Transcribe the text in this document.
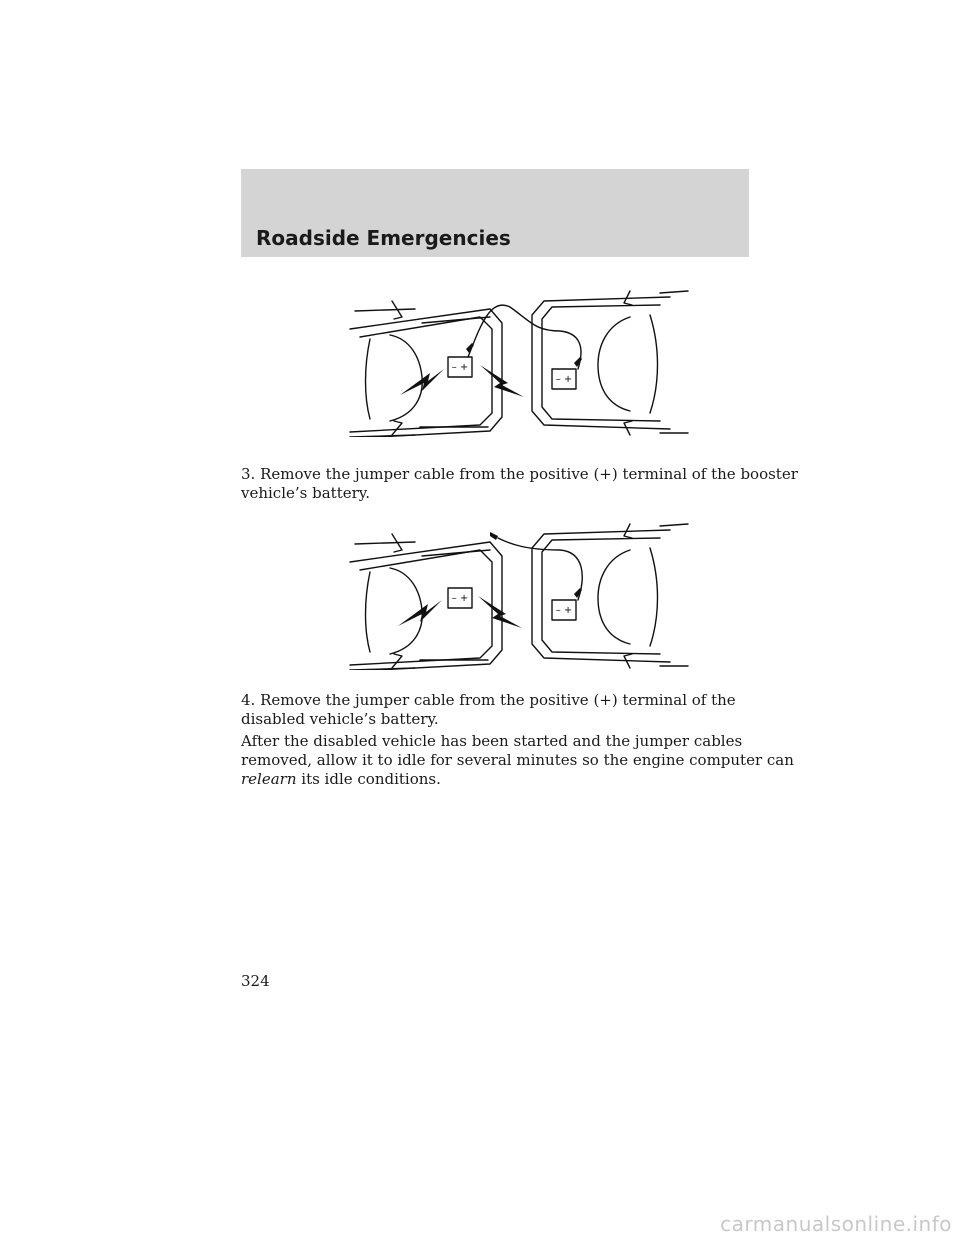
Roadside Emergencies
– +
– +
3. Remove the jumper cable from the positive (+) terminal of the booster
vehicle’s battery.
– +
– +
4. Remove the jumper cable from the positive (+) terminal of the
disabled vehicle’s battery.
After the disabled vehicle has been started and the jumper cables
removed, allow it to idle for several minutes so the engine computer can
relearn its idle conditions.
324
carmanualsonline.info
